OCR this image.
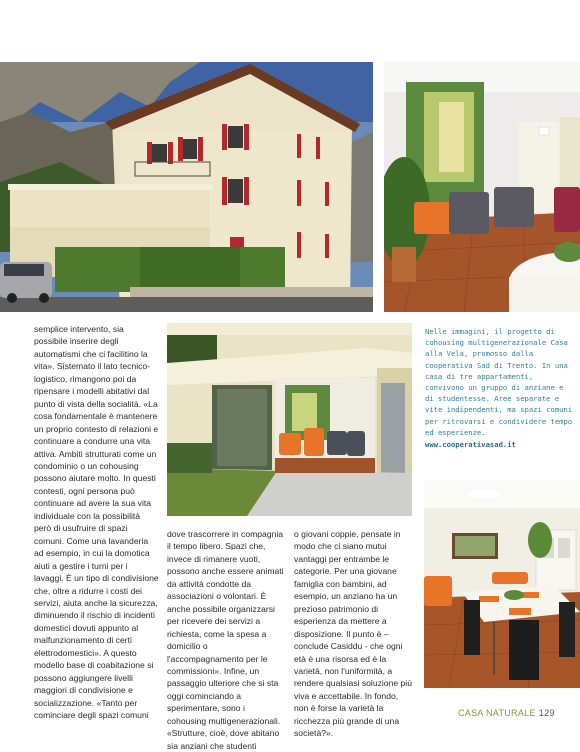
Nelle immagini, il progetto di cohousing multigenerazionale Casa alla Vela, promosso dalla cooperativa Sad di Trento. In una casa di tre appartamenti, convivono un gruppo di anziane e di studentesse. Aree separate e vite indipendenti, ma spazi comuni per ritrovarsi e condividere tempo ed esperienze.

www.cooperativasad.it

semplice intervento, sia possibile inserire degli automatismi che ci facilitino la vita». Sistemato il lato tecnico-logistico, rimangono poi da ripensare i modelli abitativi dal punto di vista della socialità. «La cosa fondamentale è mantenere un proprio contesto di relazioni e continuare a condurre una vita attiva. Ambiti strutturati come un condominio o un cohousing possono aiutare molto. In questi contesti, ogni persona può continuare ad avere la sua vita individuale con la possibilità però di usufruire di spazi comuni. Come una lavanderia ad esempio, in cui la domotica aiuti a gestire i turni per i lavaggi. È un tipo di condivisione che, oltre a ridurre i costi dei servizi, aiuta anche la sicurezza, diminuendo il rischio di incidenti domestici dovuti appunto al malfunzionamento di certi elettrodomestici». A questo modello base di coabitazione si possono aggiungere livelli maggiori di condivisione e socializzazione. «Tanto per cominciare degli spazi comuni

dove trascorrere in compagnia il tempo libero. Spazi che, invece di rimanere vuoti, possono anche essere animati da attività condotte da associazioni o volontari. È anche possibile organizzarsi per ricevere dei servizi a richiesta, come la spesa a domicilio o l'accompagnamento per le commissioni». Infine, un passaggio ulteriore che si sta oggi cominciando a sperimentare, sono i cohousing multigenerazionali. «Strutture, cioè, dove abitano sia anziani che studenti

o giovani coppie, pensate in modo che ci siano mutui vantaggi per entrambe le categorie. Per una giovane famiglia con bambini, ad esempio, un anziano ha un prezioso patrimonio di esperienza da mettere a disposizione. Il punto è – conclude Casiddu - che ogni età è una risorsa ed è la varietà, non l'uniformità, a rendere qualsiasi soluzione più viva e accettabile. In fondo, non è forse la varietà la ricchezza più grande di una società?».

CASA NATURALE 129
